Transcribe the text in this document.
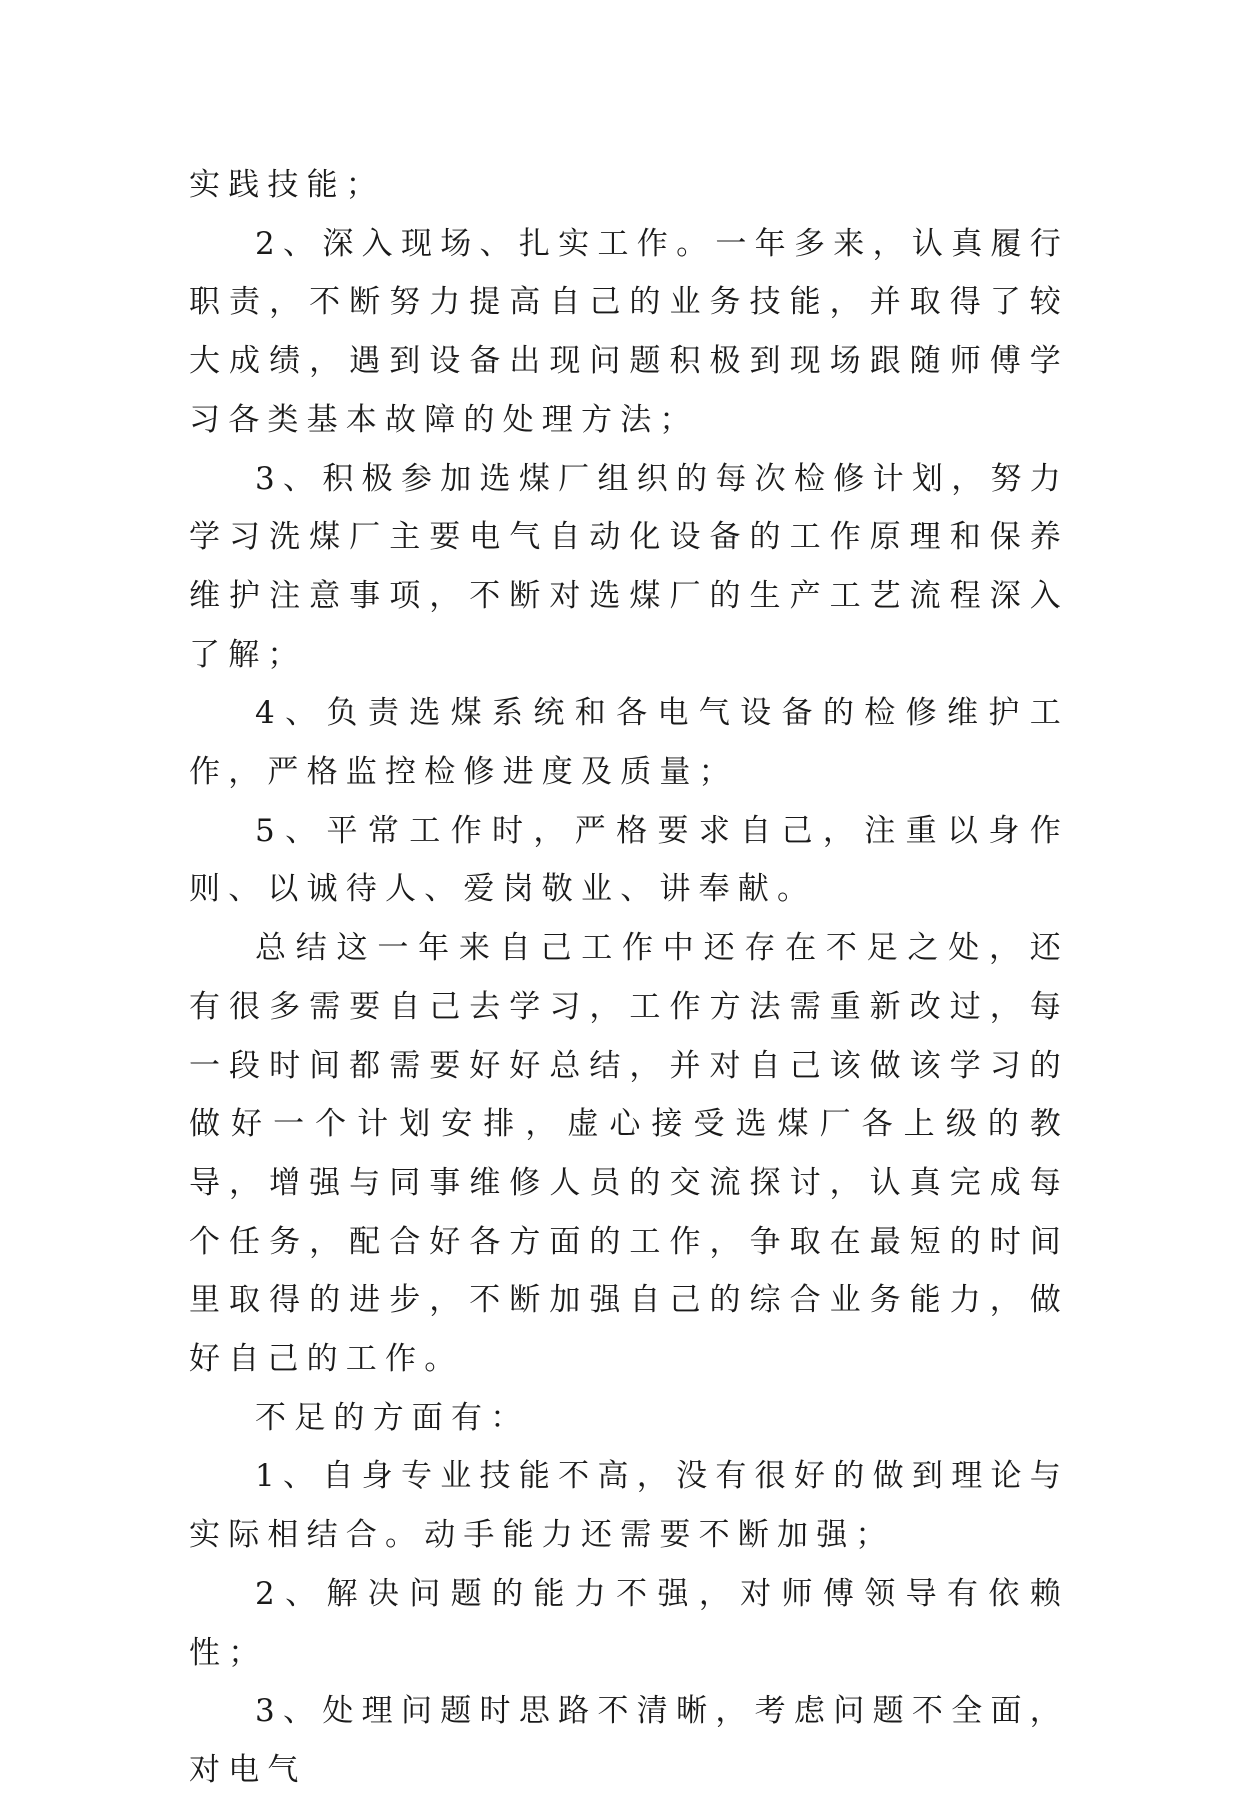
实践技能；

2、深入现场、扎实工作。一年多来，认真履行职责，不断努力提高自己的业务技能，并取得了较大成绩，遇到设备出现问题积极到现场跟随师傅学习各类基本故障的处理方法；

3、积极参加选煤厂组织的每次检修计划，努力学习洗煤厂主要电气自动化设备的工作原理和保养维护注意事项，不断对选煤厂的生产工艺流程深入了解；

4、负责选煤系统和各电气设备的检修维护工作，严格监控检修进度及质量；

5、平常工作时，严格要求自己，注重以身作则、以诚待人、爱岗敬业、讲奉献。

总结这一年来自己工作中还存在不足之处，还有很多需要自己去学习，工作方法需重新改过，每一段时间都需要好好总结，并对自己该做该学习的做好一个计划安排，虚心接受选煤厂各上级的教导，增强与同事维修人员的交流探讨，认真完成每个任务，配合好各方面的工作，争取在最短的时间里取得的进步，不断加强自己的综合业务能力，做好自己的工作。

不足的方面有：

1、自身专业技能不高，没有很好的做到理论与实际相结合。动手能力还需要不断加强；

2、解决问题的能力不强，对师傅领导有依赖性；

3、处理问题时思路不清晰，考虑问题不全面，对电气
